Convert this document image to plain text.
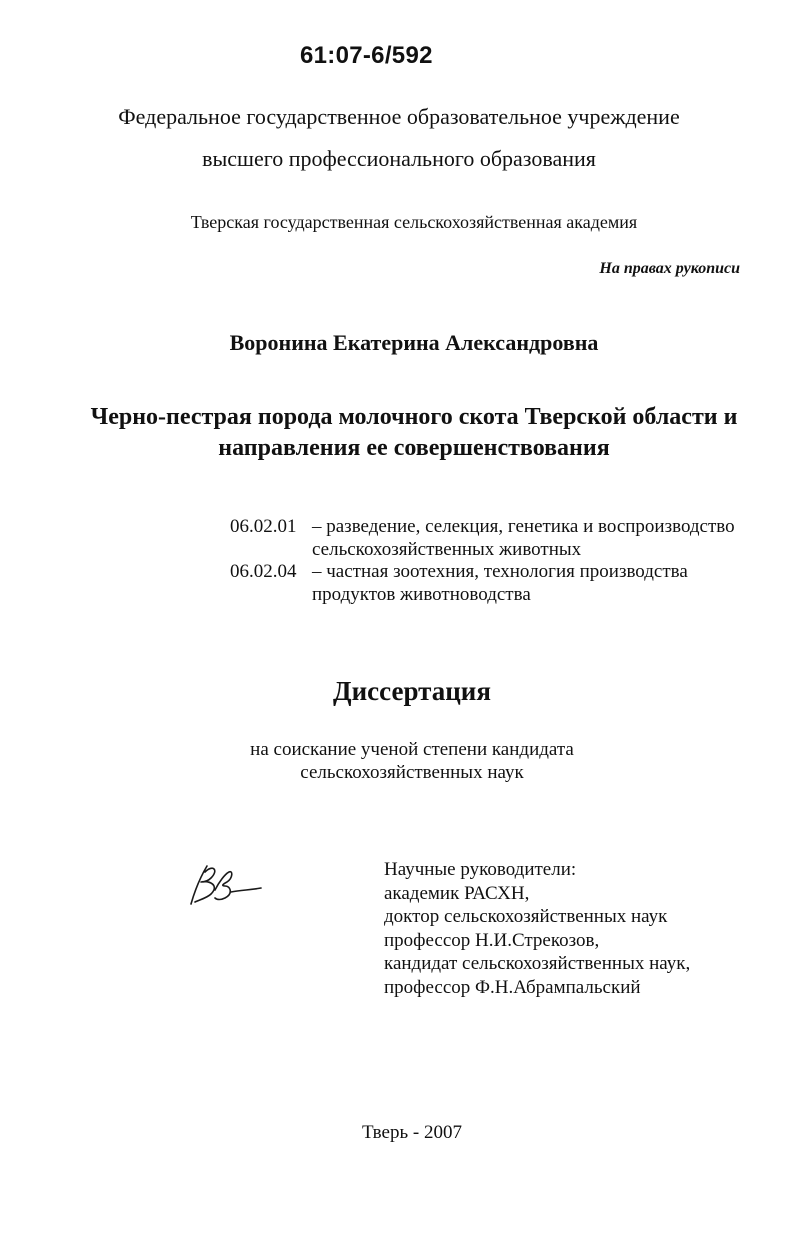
61:07-6/592
Федеральное государственное образовательное учреждение
высшего профессионального образования
Тверская государственная сельскохозяйственная академия
На правах рукописи
Воронина Екатерина Александровна
Черно-пестрая порода молочного скота Тверской области и направления ее совершенствования
06.02.01 – разведение, селекция, генетика и воспроизводство
сельскохозяйственных животных
06.02.04 – частная зоотехния, технология производства
продуктов животноводства
Диссертация
на соискание ученой степени кандидата
сельскохозяйственных наук
Научные руководители:
академик РАСХН,
доктор сельскохозяйственных наук
профессор Н.И.Стрекозов,
кандидат сельскохозяйственных наук,
профессор Ф.Н.Абрампальский
Тверь - 2007
